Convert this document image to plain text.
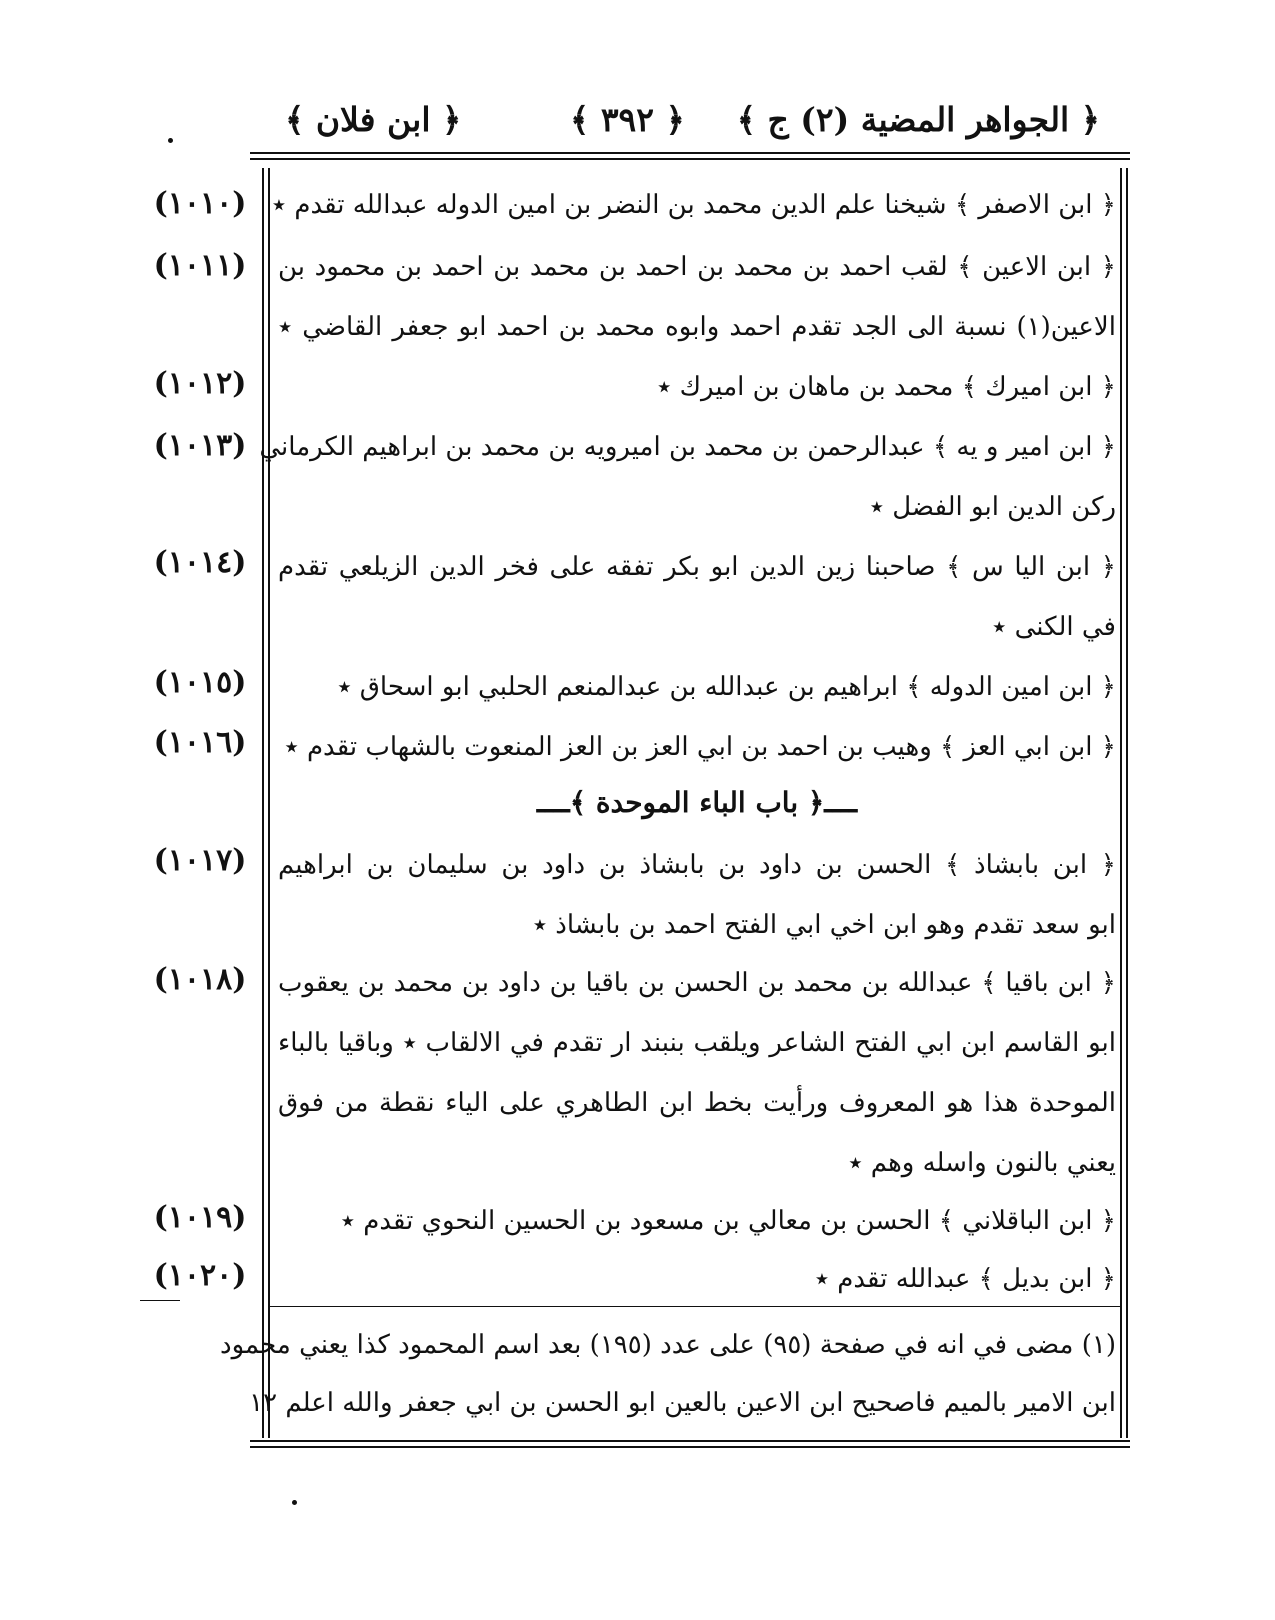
﴿ الجواهر المضية (٢) ج ﴾
﴿ ٣٩٢ ﴾
﴿ ابن فلان ﴾
(١٠١٠)
(١٠١١)
(١٠١٢)
(١٠١٣)
(١٠١٤)
(١٠١٥)
(١٠١٦)
(١٠١٧)
(١٠١٨)
(١٠١٩)
(١٠٢٠)
﴿ ابن الاصفر ﴾ شيخنا علم الدين محمد بن النضر بن امين الدوله عبدالله تقدم ٭
﴿ ابن الاعين ﴾ لقب احمد بن محمد بن احمد بن محمد بن احمد بن محمود بن
الاعين(١) نسبة الى الجد تقدم احمد وابوه محمد بن احمد ابو جعفر القاضي ٭
﴿ ابن اميرك ﴾ محمد بن ماهان بن اميرك ٭
﴿ ابن امير و يه ﴾ عبدالرحمن بن محمد بن اميرويه بن محمد بن ابراهيم الكرماني
ركن الدين ابو الفضل ٭
﴿ ابن اليا س ﴾ صاحبنا زين الدين ابو بكر تفقه على فخر الدين الزيلعي تقدم
في الكنى ٭
﴿ ابن امين الدوله ﴾ ابراهيم بن عبدالله بن عبدالمنعم الحلبي ابو اسحاق ٭
﴿ ابن ابي العز ﴾ وهيب بن احمد بن ابي العز بن العز المنعوت بالشهاب تقدم ٭
﴿ ابن بابشاذ ﴾ الحسن بن داود بن بابشاذ بن داود بن سليمان بن ابراهيم
ابو سعد تقدم وهو ابن اخي ابي الفتح احمد بن بابشاذ ٭
﴿ ابن باقيا ﴾ عبدالله بن محمد بن الحسن بن باقيا بن داود بن محمد بن يعقوب
ابو القاسم ابن ابي الفتح الشاعر ويلقب بنبند ار تقدم في الالقاب ٭ وباقيا بالباء
الموحدة هذا هو المعروف ورأيت بخط ابن الطاهري على الياء نقطة من فوق
يعني بالنون واسله وهم ٭
﴿ ابن الباقلاني ﴾ الحسن بن معالي بن مسعود بن الحسين النحوي تقدم ٭
﴿ ابن بديل ﴾ عبدالله تقدم ٭
ــــ﴿ باب الباء الموحدة ﴾ــــ
(١) مضى في انه في صفحة (٩٥) على عدد (١٩٥) بعد اسم المحمود كذا يعني محمود
ابن الامير بالميم فاصحيح ابن الاعين بالعين ابو الحسن بن ابي جعفر والله اعلم ١٢
